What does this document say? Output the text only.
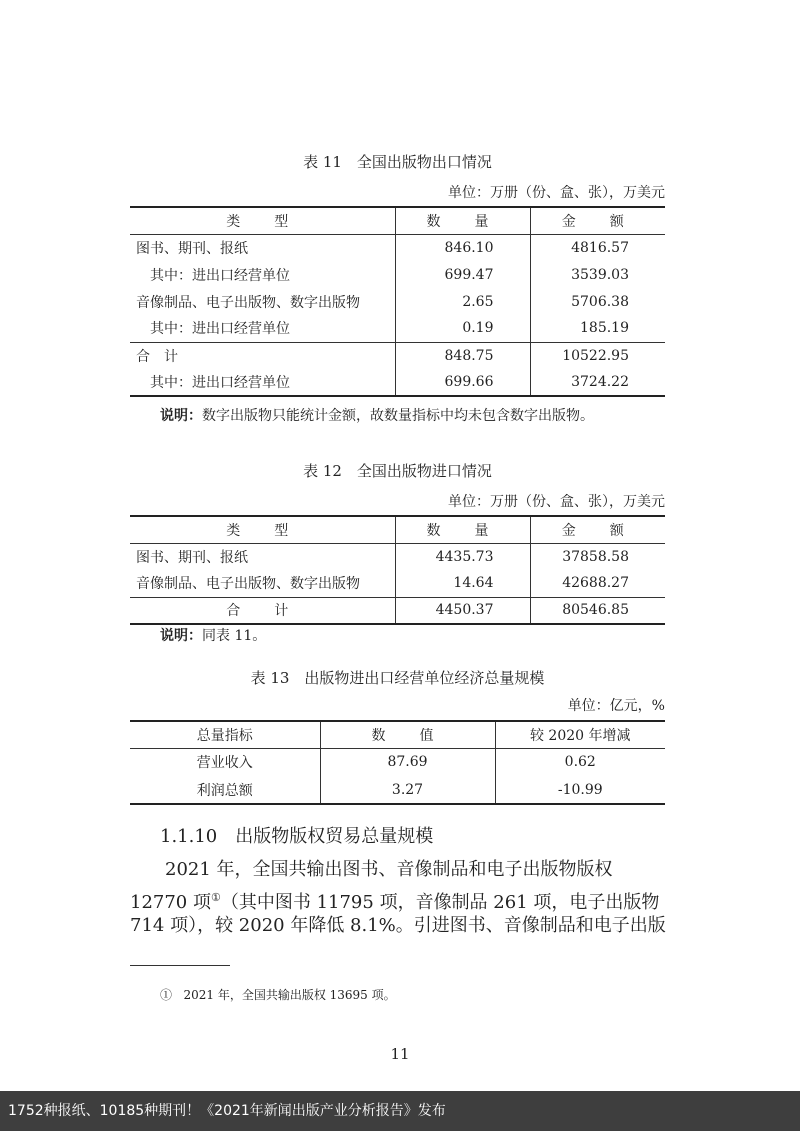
表 11　全国出版物出口情况
单位：万册（份、盒、张），万美元
类　型	数　量	金　额
图书、期刊、报纸	846.10	4816.57
其中：进出口经营单位	699.47	3539.03
音像制品、电子出版物、数字出版物	2.65	5706.38
其中：进出口经营单位	0.19	185.19
合　计	848.75	10522.95
其中：进出口经营单位	699.66	3724.22
说明：数字出版物只能统计金额，故数量指标中均未包含数字出版物。
表 12　全国出版物进口情况
单位：万册（份、盒、张），万美元
类　型	数　量	金　额
图书、期刊、报纸	4435.73	37858.58
音像制品、电子出版物、数字出版物	14.64	42688.27
合　计	4450.37	80546.85
说明：同表 11。
表 13　出版物进出口经营单位经济总量规模
单位：亿元，%
总量指标	数　值	较 2020 年增减
营业收入	87.69	0.62
利润总额	3.27	-10.99
1.1.10　出版物版权贸易总量规模
2021 年，全国共输出图书、音像制品和电子出版物版权
12770 项①（其中图书 11795 项，音像制品 261 项，电子出版物
714 项），较 2020 年降低 8.1%。引进图书、音像制品和电子出版
① 2021 年，全国共输出版权 13695 项。
11
1752种报纸、10185种期刊！《2021年新闻出版产业分析报告》发布
